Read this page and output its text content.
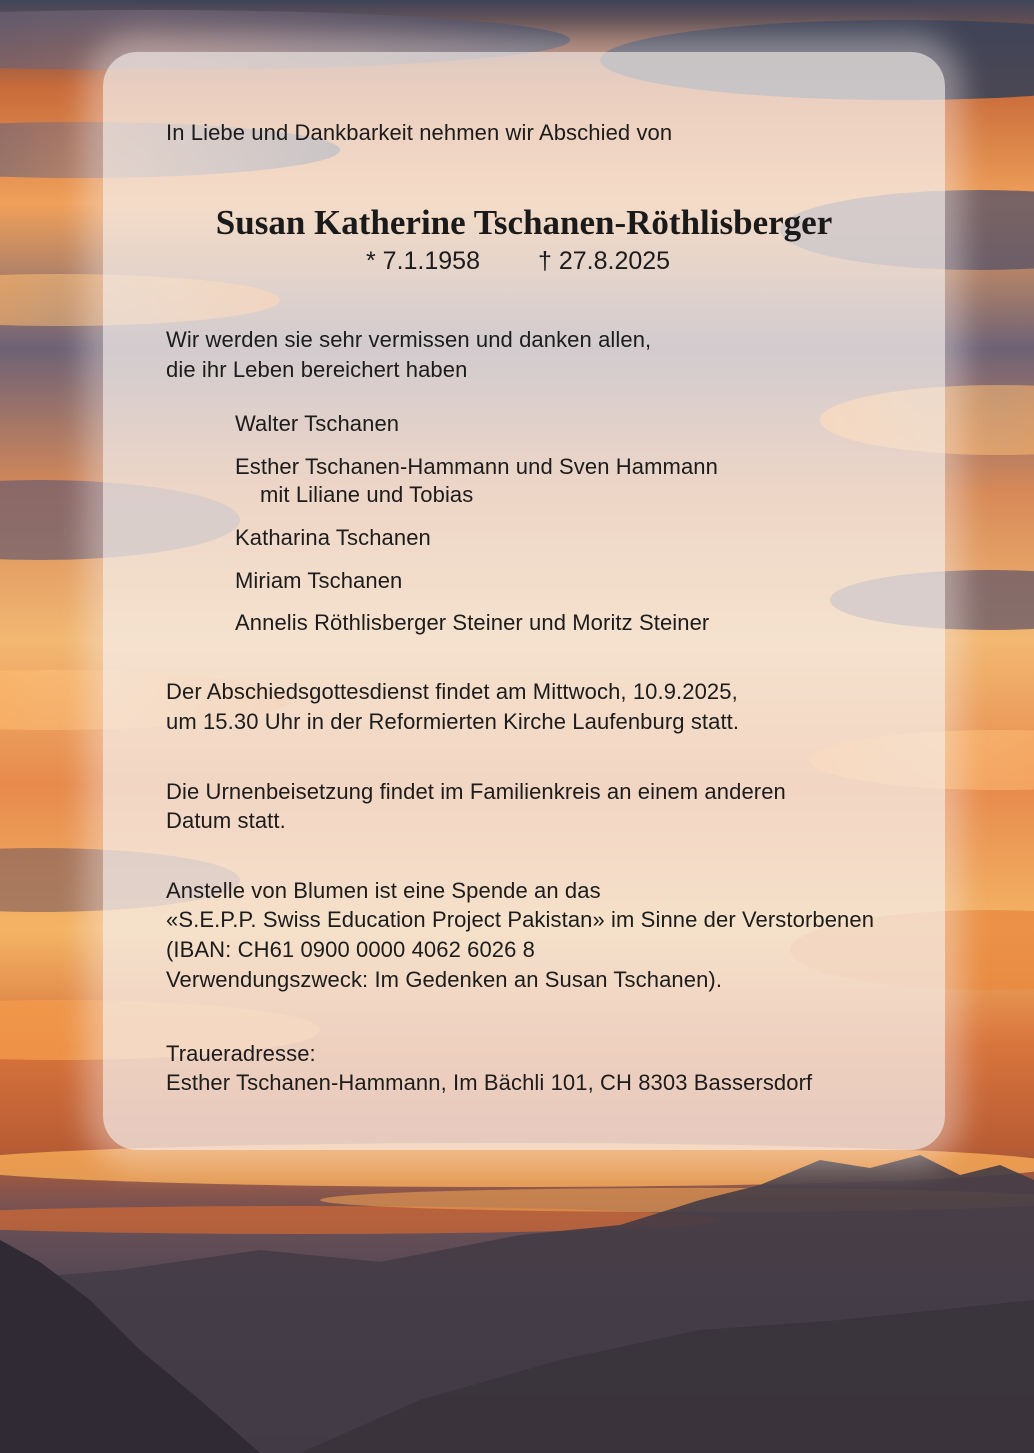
In Liebe und Dankbarkeit nehmen wir Abschied von
Susan Katherine Tschanen-Röthlisberger
* 7.1.1958 † 27.8.2025
Wir werden sie sehr vermissen und danken allen,
die ihr Leben bereichert haben
Walter Tschanen
Esther Tschanen-Hammann und Sven Hammann
mit Liliane und Tobias
Katharina Tschanen
Miriam Tschanen
Annelis Röthlisberger Steiner und Moritz Steiner
Der Abschiedsgottesdienst findet am Mittwoch, 10.9.2025,
um 15.30 Uhr in der Reformierten Kirche Laufenburg statt.
Die Urnenbeisetzung findet im Familienkreis an einem anderen
Datum statt.
Anstelle von Blumen ist eine Spende an das
«S.E.P.P. Swiss Education Project Pakistan» im Sinne der Verstorbenen
(IBAN: CH61 0900 0000 4062 6026 8
Verwendungszweck: Im Gedenken an Susan Tschanen).
Traueradresse:
Esther Tschanen-Hammann, Im Bächli 101, CH 8303 Bassersdorf
